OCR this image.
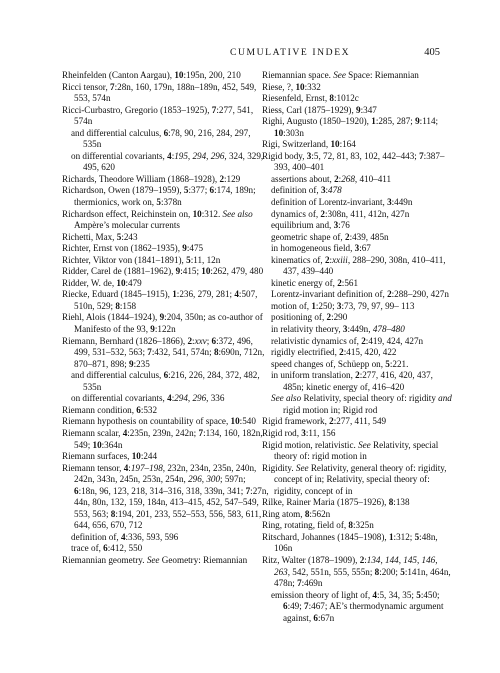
CUMULATIVE INDEX	405
Rheinfelden (Canton Aargau), 10:195n, 200, 210
Ricci tensor, 7:28n, 160, 179n, 188n–189n, 452, 549, 553, 574n
Ricci-Curbastro, Gregorio (1853–1925), 7:277, 541, 574n
and differential calculus, 6:78, 90, 216, 284, 297, 535n
on differential covariants, 4:195, 294, 296, 324, 329, 495, 620
Richards, Theodore William (1868–1928), 2:129
Richardson, Owen (1879–1959), 5:377; 6:174, 189n; thermionics, work on, 5:378n
Richardson effect, Reichinstein on, 10:312. See also Ampère’s molecular currents
Richetti, Max, 5:243
Richter, Ernst von (1862–1935), 9:475
Richter, Viktor von (1841–1891), 5:11, 12n
Ridder, Carel de (1881–1962), 9:415; 10:262, 479, 480
Ridder, W. de, 10:479
Riecke, Eduard (1845–1915), 1:236, 279, 281; 4:507, 510n, 529; 8:158
Riehl, Alois (1844–1924), 9:204, 350n; as co-author of Manifesto of the 93, 9:122n
Riemann, Bernhard (1826–1866), 2:xxv; 6:372, 496, 499, 531–532, 563; 7:432, 541, 574n; 8:690n, 712n, 870–871, 898; 9:235
and differential calculus, 6:216, 226, 284, 372, 482, 535n
on differential covariants, 4:294, 296, 336
Riemann condition, 6:532
Riemann hypothesis on countability of space, 10:540
Riemann scalar, 4:235n, 239n, 242n; 7:134, 160, 182n, 549; 10:364n
Riemann surfaces, 10:244
Riemann tensor, 4:197–198, 232n, 234n, 235n, 240n, 242n, 343n, 245n, 253n, 254n, 296, 300; 597n; 6:18n, 96, 123, 218, 314–316, 318, 339n, 341; 7:27n, 44n, 80n, 132, 159, 184n, 413–415, 452, 547–549, 553, 563; 8:194, 201, 233, 552–553, 556, 583, 611, 644, 656, 670, 712
definition of, 4:336, 593, 596
trace of, 6:412, 550
Riemannian geometry. See Geometry: Riemannian
Riemannian space. See Space: Riemannian
Riese, ?, 10:332
Riesenfeld, Ernst, 8:1012c
Riess, Carl (1875–1929), 9:347
Righi, Augusto (1850–1920), 1:285, 287; 9:114; 10:303n
Rigi, Switzerland, 10:164
Rigid body, 3:5, 72, 81, 83, 102, 442–443; 7:387–393, 400–401
assertions about, 2:268, 410–411
definition of, 3:478
definition of Lorentz-invariant, 3:449n
dynamics of, 2:308n, 411, 412n, 427n
equilibrium and, 3:76
geometric shape of, 2:439, 485n
in homogeneous field, 3:67
kinematics of, 2:xxiii, 288–290, 308n, 410–411, 437, 439–440
kinetic energy of, 2:561
Lorentz-invariant definition of, 2:288–290, 427n
motion of, 1:250; 3:73, 79, 97, 99– 113
positioning of, 2:290
in relativity theory, 3:449n, 478–480
relativistic dynamics of, 2:419, 424, 427n
rigidly electrified, 2:415, 420, 422
speed changes of, Schüepp on, 5:221.
in uniform translation, 2:277, 416, 420, 437, 485n; kinetic energy of, 416–420
See also Relativity, special theory of: rigidity and rigid motion in; Rigid rod
Rigid framework, 2:277, 411, 549
Rigid rod, 3:11, 156
Rigid motion, relativistic. See Relativity, special theory of: rigid motion in
Rigidity. See Relativity, general theory of: rigidity, concept of in; Relativity, special theory of: rigidity, concept of in
Rilke, Rainer Maria (1875–1926), 8:138
Ring atom, 8:562n
Ring, rotating, field of, 8:325n
Ritschard, Johannes (1845–1908), 1:312; 5:48n, 106n
Ritz, Walter (1878–1909), 2:134, 144, 145, 146, 263, 542, 551n, 555, 555n; 8:200; 5:141n, 464n, 478n; 7:469n
emission theory of light of, 4:5, 34, 35; 5:450; 6:49; 7:467; AE’s thermodynamic argument against, 6:67n
